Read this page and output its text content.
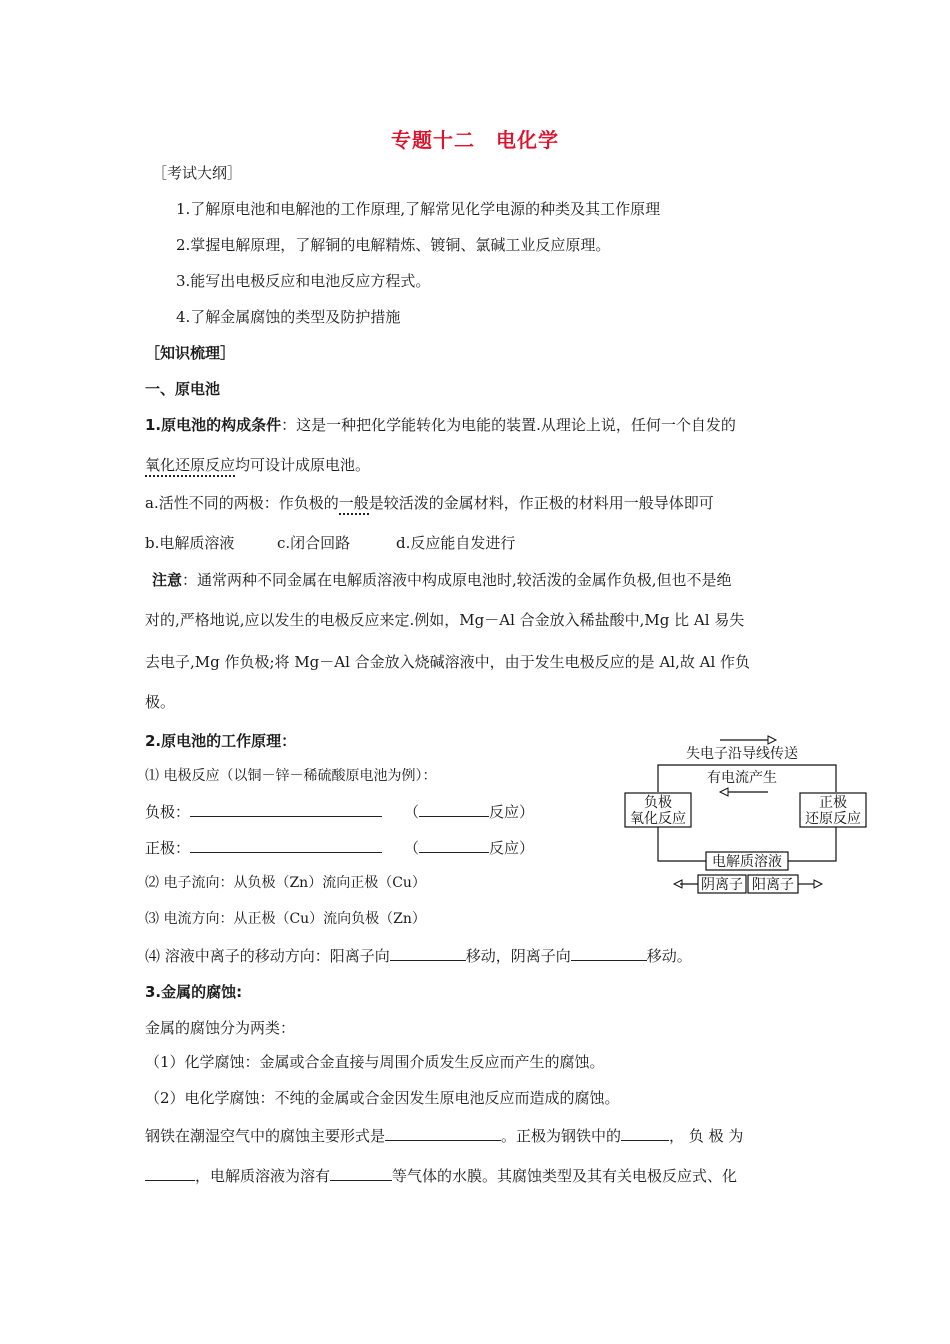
专题十二　电化学
［考试大纲］
1.了解原电池和电解池的工作原理,了解常见化学电源的种类及其工作原理
2.掌握电解原理，了解铜的电解精炼、镀铜、氯碱工业反应原理。
3.能写出电极反应和电池反应方程式。
4.了解金属腐蚀的类型及防护措施
［知识梳理］
一、原电池
1.原电池的构成条件：这是一种把化学能转化为电能的装置.从理论上说，任何一个自发的
氧化还原反应均可设计成原电池。
a.活性不同的两极：作负极的一般是较活泼的金属材料，作正极的材料用一般导体即可
b.电解质溶液	c.闭合回路	d.反应能自发进行
注意：通常两种不同金属在电解质溶液中构成原电池时,较活泼的金属作负极,但也不是绝
对的,严格地说,应以发生的电极反应来定.例如，Mg－Al 合金放入稀盐酸中,Mg 比 Al 易失
去电子,Mg 作负极;将 Mg－Al 合金放入烧碱溶液中，由于发生电极反应的是 Al,故 Al 作负
极。
2.原电池的工作原理：
⑴ 电极反应（以铜－锌－稀硫酸原电池为例）：
负极：	（	反应）
正极：	（	反应）
⑵ 电子流向：从负极（Zn）流向正极（Cu）
⑶ 电流方向：从正极（Cu）流向负极（Zn）
⑷ 溶液中离子的移动方向：阳离子向	移动，阴离子向	移动。
3.金属的腐蚀:
金属的腐蚀分为两类：
（1）化学腐蚀：金属或合金直接与周围介质发生反应而产生的腐蚀。
（2）电化学腐蚀：不纯的金属或合金因发生原电池反应而造成的腐蚀。
钢铁在潮湿空气中的腐蚀主要形式是	。正极为钢铁中的	， 负 极 为
，电解质溶液为溶有	等气体的水膜。其腐蚀类型及其有关电极反应式、化
失电子沿导线传送
有电流产生
负极
氧化反应
正极
还原反应
电解质溶液
阴离子 阳离子
